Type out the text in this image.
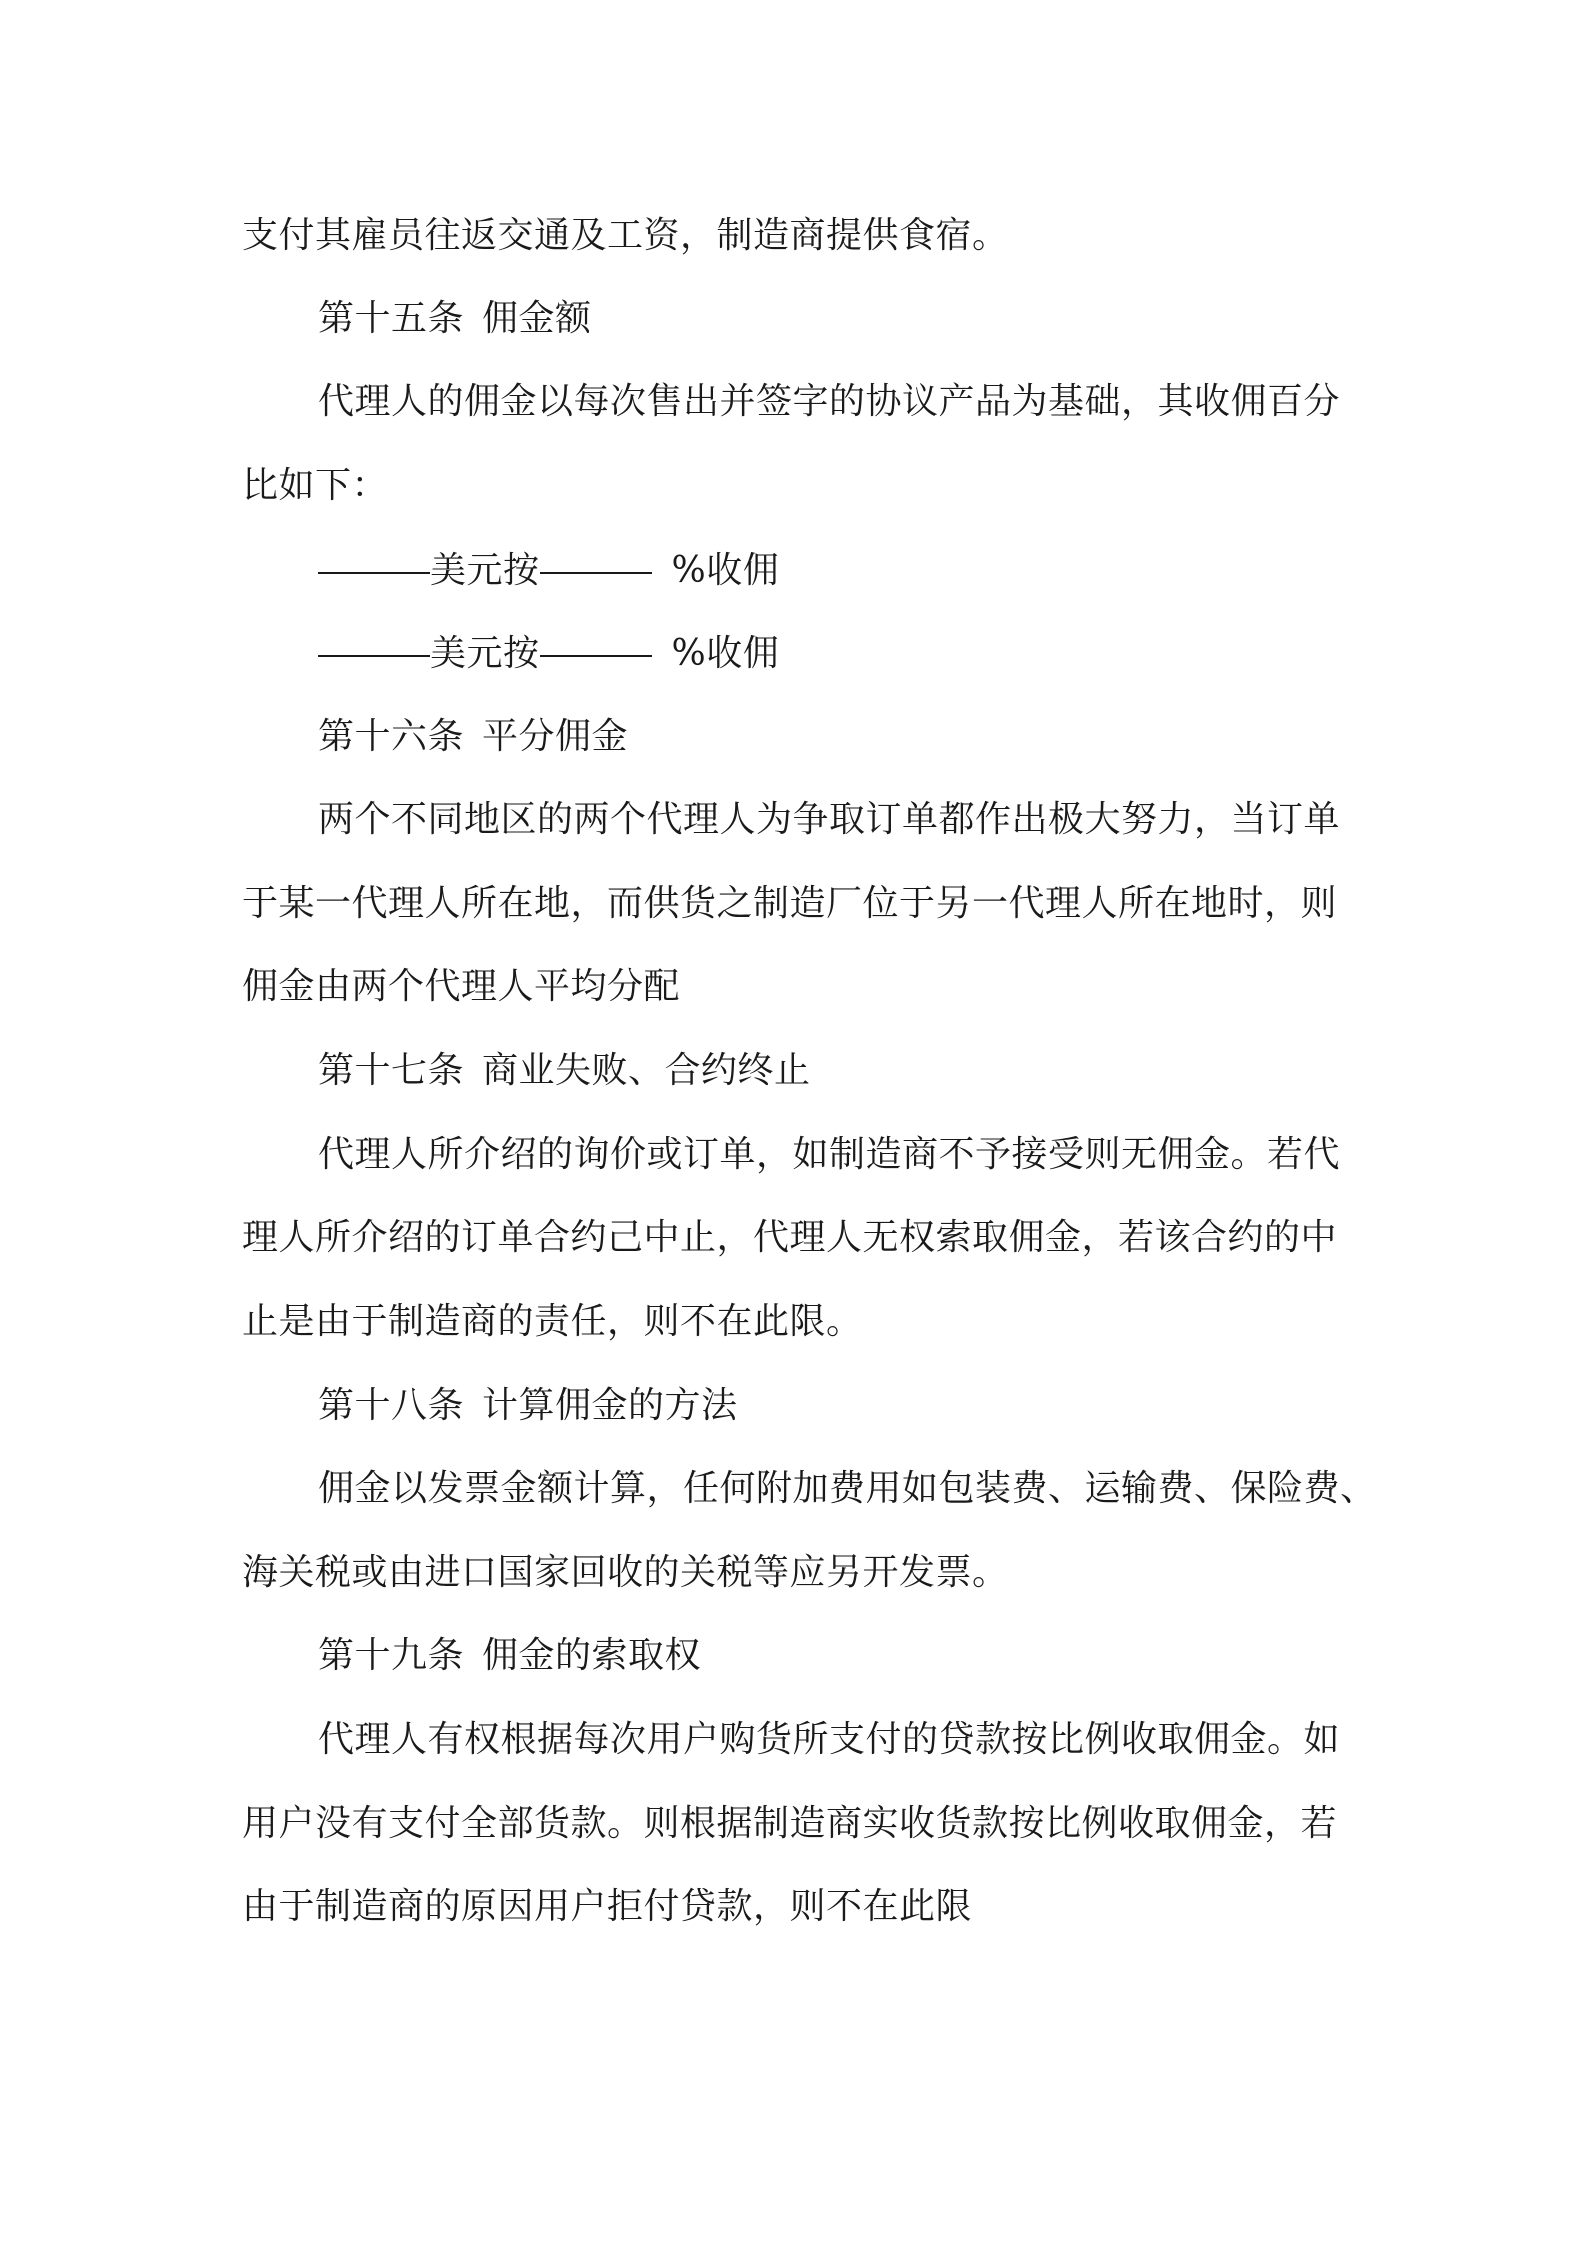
支付其雇员往返交通及工资，制造商提供食宿。
第十五条 佣金额
代理人的佣金以每次售出并签字的协议产品为基础，其收佣百分
比如下：
美元按	%收佣
美元按	%收佣
第十六条 平分佣金
两个不同地区的两个代理人为争取订单都作出极大努力，当订单
于某一代理人所在地，而供货之制造厂位于另一代理人所在地时，则
佣金由两个代理人平均分配
第十七条 商业失败、合约终止
代理人所介绍的询价或订单，如制造商不予接受则无佣金。若代
理人所介绍的订单合约己中止，代理人无权索取佣金，若该合约的中
止是由于制造商的责任，则不在此限。
第十八条 计算佣金的方法
佣金以发票金额计算，任何附加费用如包装费、运输费、保险费、
海关税或由进口国家回收的关税等应另开发票。
第十九条 佣金的索取权
代理人有权根据每次用户购货所支付的贷款按比例收取佣金。如
用户没有支付全部货款。则根据制造商实收货款按比例收取佣金，若
由于制造商的原因用户拒付贷款，则不在此限
